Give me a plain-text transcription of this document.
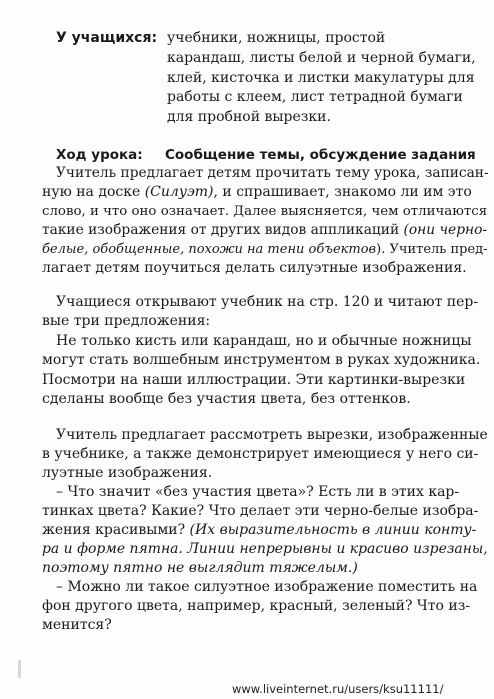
У учащихся: учебники, ножницы, простой
карандаш, листы белой и черной бумаги,
клей, кисточка и листки макулатуры для
работы с клеем, лист тетрадной бумаги
для пробной вырезки.
Ход урока: Сообщение темы, обсуждение задания
Учитель предлагает детям прочитать тему урока, записан-
ную на доске (Силуэт), и спрашивает, знакомо ли им это
слово, и что оно означает. Далее выясняется, чем отличаются
такие изображения от других видов аппликаций (они черно-
белые, обобщенные, похожи на тени объектов). Учитель пред-
лагает детям поучиться делать силуэтные изображения.
Учащиеся открывают учебник на стр. 120 и читают пер-
вые три предложения:
Не только кисть или карандаш, но и обычные ножницы
могут стать волшебным инструментом в руках художника.
Посмотри на наши иллюстрации. Эти картинки-вырезки
сделаны вообще без участия цвета, без оттенков.
Учитель предлагает рассмотреть вырезки, изображенные
в учебнике, а также демонстрирует имеющиеся у него си-
луэтные изображения.
– Что значит «без участия цвета»? Есть ли в этих кар-
тинках цвета? Какие? Что делает эти черно-белые изобра-
жения красивыми? (Их выразительность в линии конту-
ра и форме пятна. Линии непрерывны и красиво изрезаны,
поэтому пятно не выглядит тяжелым.)
– Можно ли такое силуэтное изображение поместить на
фон другого цвета, например, красный, зеленый? Что из-
менится?
www.liveinternet.ru/users/ksu11111/
